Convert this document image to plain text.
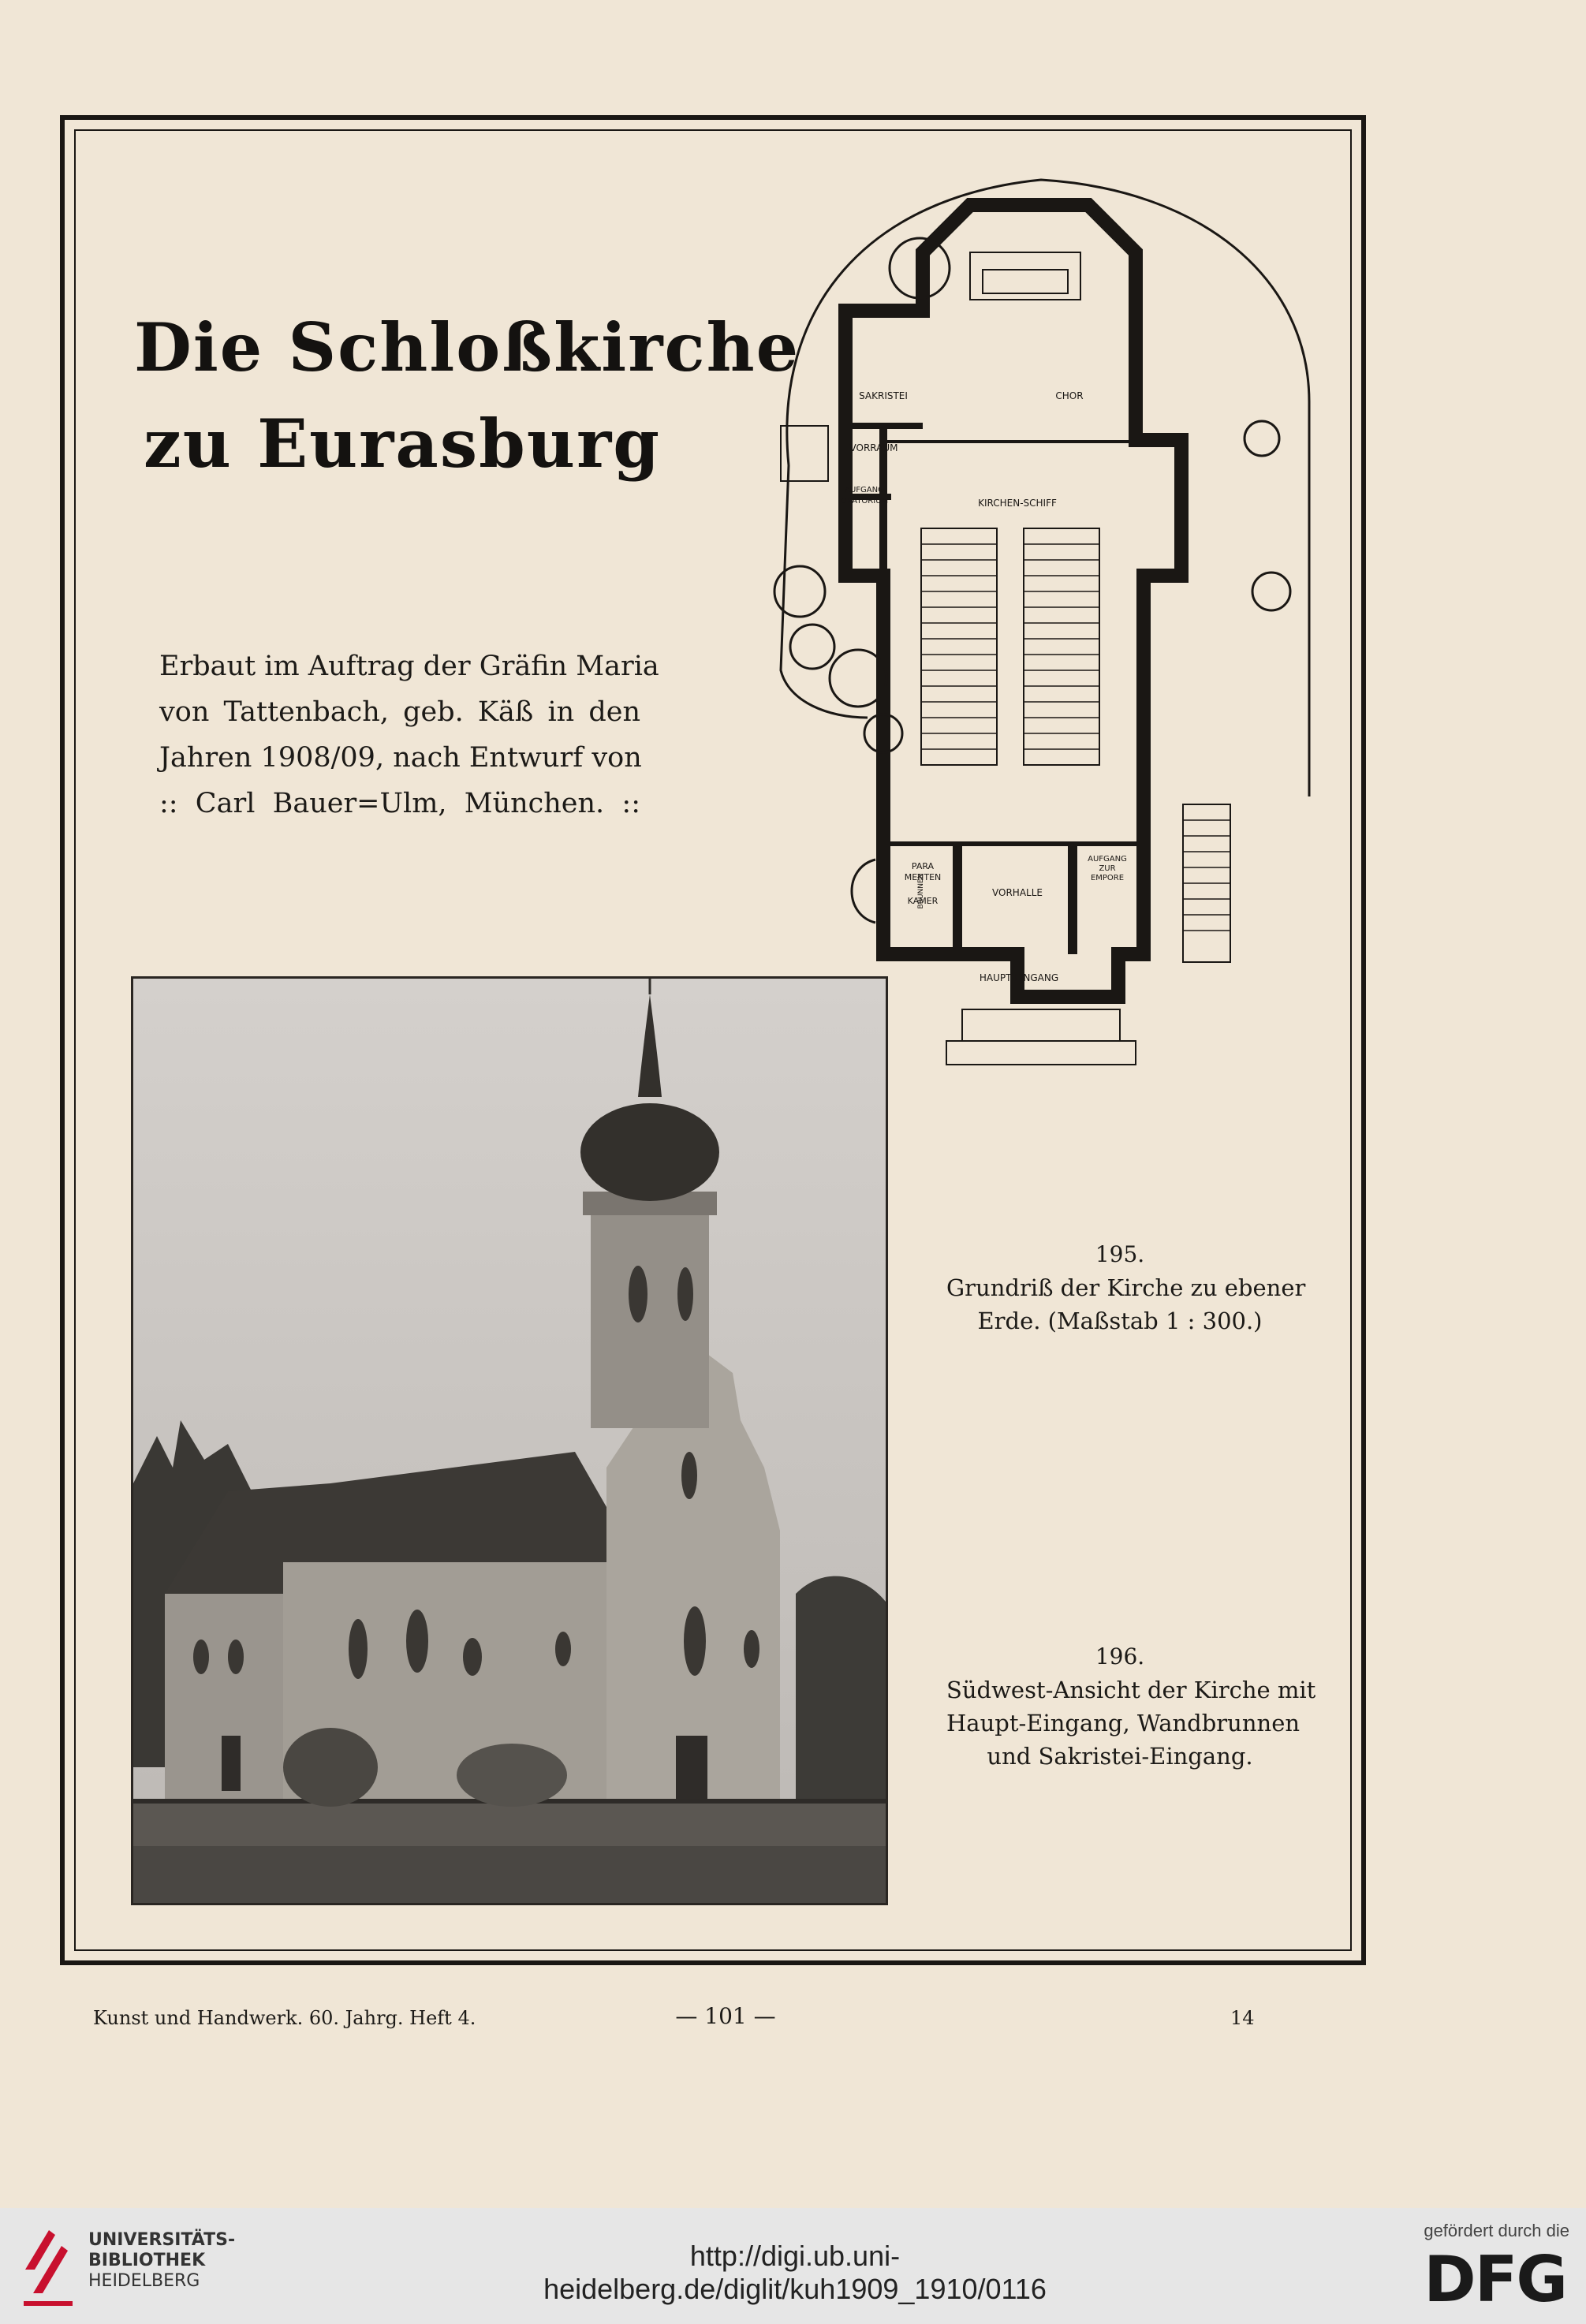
Die Schloßkirche
zu Eurasburg
Erbaut im Auftrag der Gräfin Maria
von Tattenbach, geb. Käß in den
Jahren 1908/09, nach Entwurf von
:: Carl Bauer=Ulm, München. ::
SAKRISTEI	CHOR
VORRAUM
AUFGANG
ORATORIUM	KIRCHEN-SCHIFF
PARA
MENTEN
KAMER
VORHALLE
AUFGANG
ZUR
EMPORE
HAUPT EINGANG
BRUNNEN
195.
Grundriß der Kirche zu ebener
Erde. (Maßstab 1 : 300.)
196.
Südwest-Ansicht der Kirche mit
Haupt-Eingang, Wandbrunnen
und Sakristei-Eingang.
Kunst und Handwerk. 60. Jahrg. Heft 4.	— 101 —	14
UNIVERSITÄTS-
BIBLIOTHEK
HEIDELBERG
http://digi.ub.uni-heidelberg.de/diglit/kuh1909_1910/0116
gefördert durch die
DFG
